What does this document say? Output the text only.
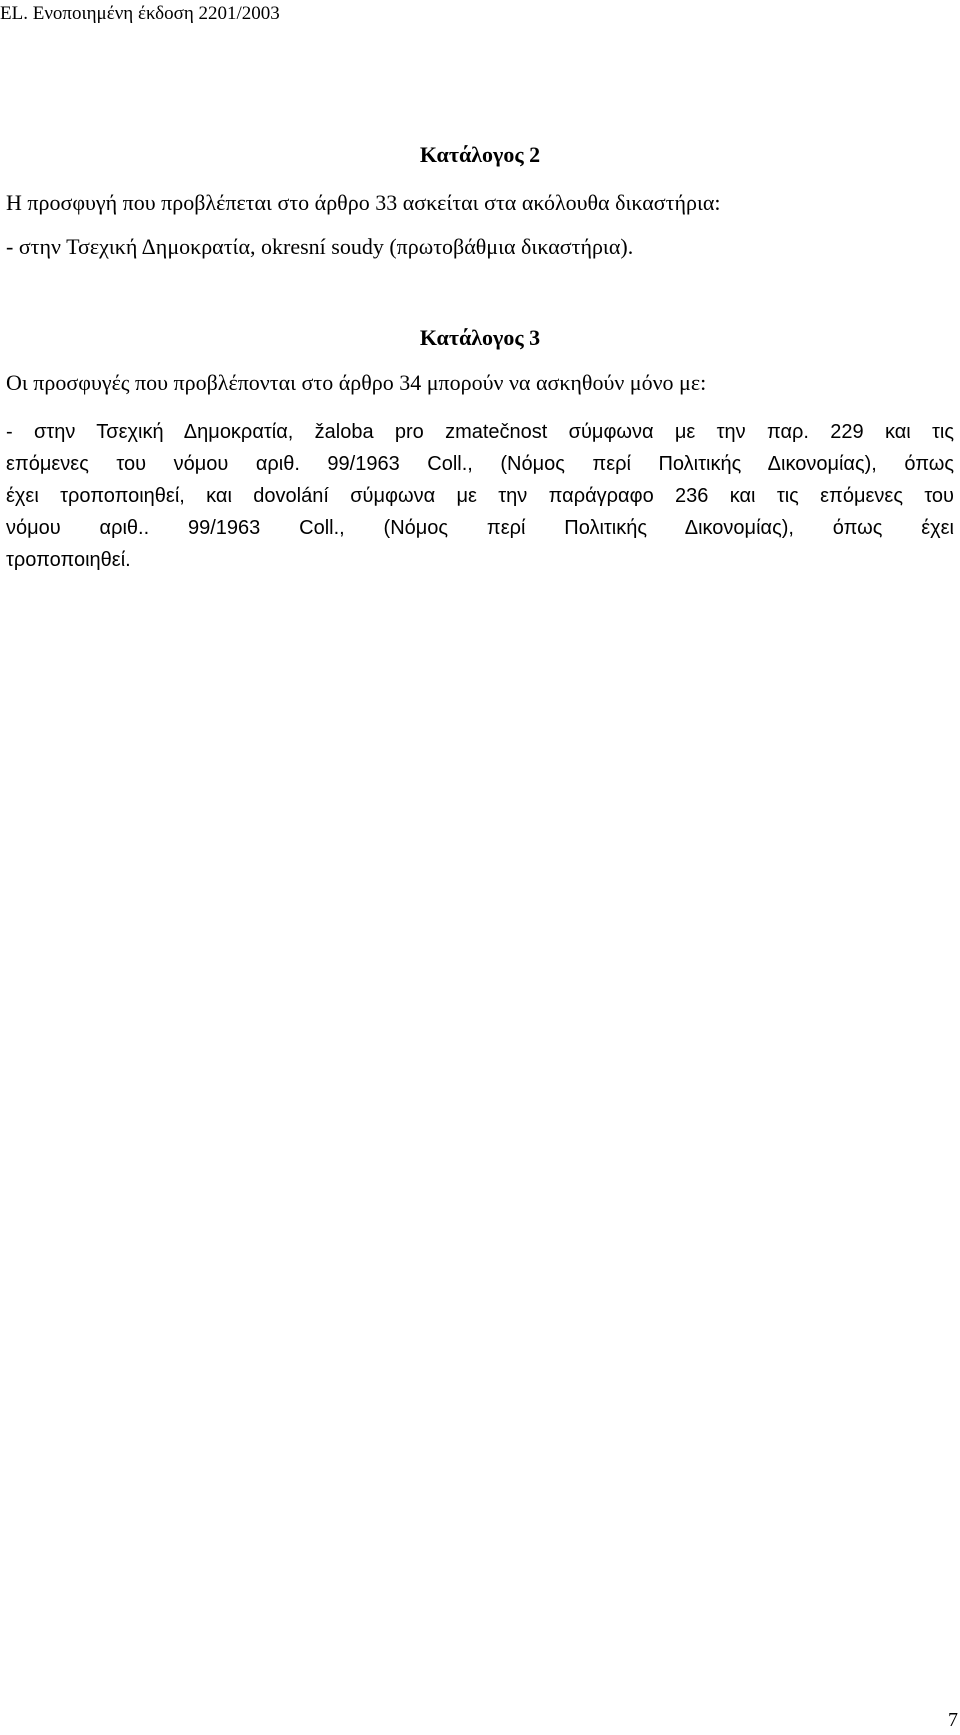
EL. Ενοποιημένη έκδοση 2201/2003
Κατάλογος 2
Η προσφυγή που προβλέπεται στο άρθρο 33 ασκείται στα ακόλουθα δικαστήρια:
- στην Τσεχική Δημοκρατία, okresní soudy (πρωτοβάθμια δικαστήρια).
Κατάλογος 3
Οι προσφυγές που προβλέπονται στο άρθρο 34 μπορούν να ασκηθούν μόνο με:
- στην Τσεχική Δημοκρατία, žaloba pro zmatečnost σύμφωνα με την παρ. 229 και τις
επόμενες του νόμου αριθ. 99/1963 Coll., (Νόμος περί Πολιτικής Δικονομίας), όπως
έχει τροποποιηθεί, και dovolání σύμφωνα με την παράγραφο 236 και τις επόμενες του
νόμου αριθ.. 99/1963 Coll., (Νόμος περί Πολιτικής Δικονομίας), όπως έχει
τροποποιηθεί.
7
